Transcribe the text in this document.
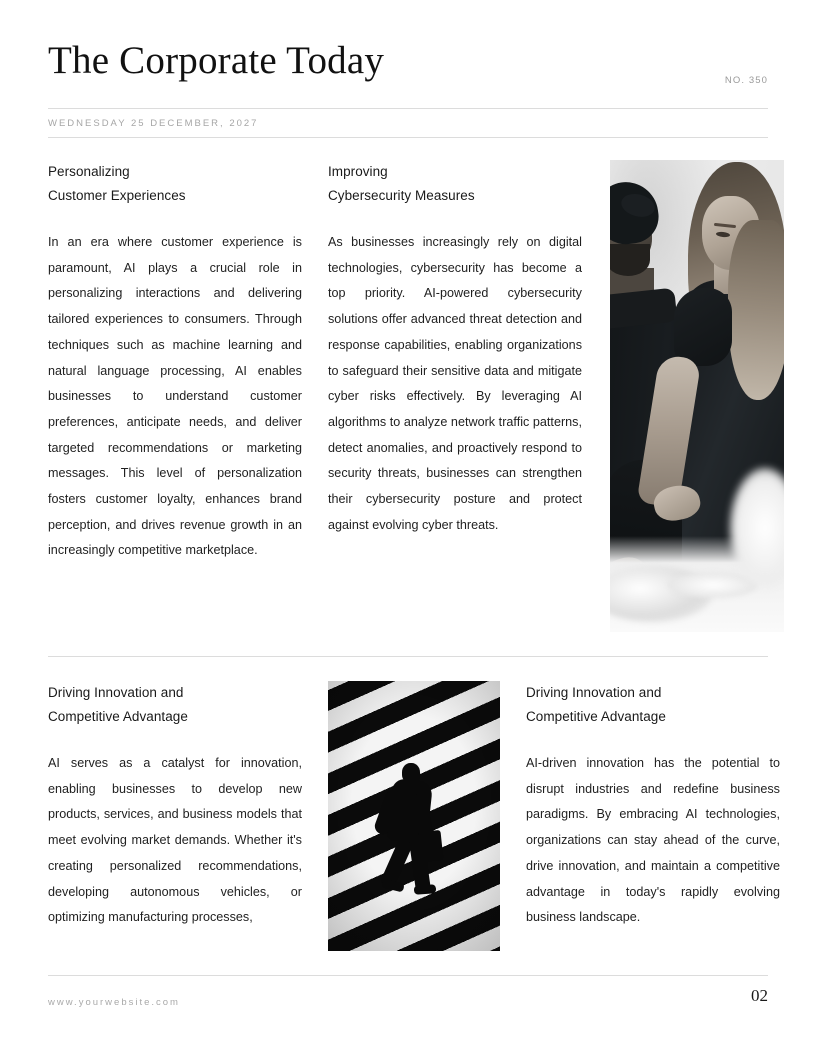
The Corporate Today	NO. 350
WEDNESDAY 25 DECEMBER, 2027
Personalizing
Customer Experiences
In an era where customer experience is paramount, AI plays a crucial role in personalizing interactions and delivering tailored experiences to consumers. Through techniques such as machine learning and natural language processing, AI enables businesses to understand customer preferences, anticipate needs, and deliver targeted recommendations or marketing messages. This level of personalization fosters customer loyalty, enhances brand perception, and drives revenue growth in an increasingly competitive marketplace.
Improving
Cybersecurity Measures
As businesses increasingly rely on digital technologies, cybersecurity has become a top priority. AI-powered cybersecurity solutions offer advanced threat detection and response capabilities, enabling organizations to safeguard their sensitive data and mitigate cyber risks effectively. By leveraging AI algorithms to analyze network traffic patterns, detect anomalies, and proactively respond to security threats, businesses can strengthen their cybersecurity posture and protect against evolving cyber threats.
Driving Innovation and
Competitive Advantage
AI serves as a catalyst for innovation, enabling businesses to develop new products, services, and business models that meet evolving market demands. Whether it's creating personalized recommendations, developing autonomous vehicles, or optimizing manufacturing processes,
Driving Innovation and
Competitive Advantage
AI-driven innovation has the potential to disrupt industries and redefine business paradigms. By embracing AI technologies, organizations can stay ahead of the curve, drive innovation, and maintain a competitive advantage in today's rapidly evolving business landscape.
www.yourwebsite.com	02
